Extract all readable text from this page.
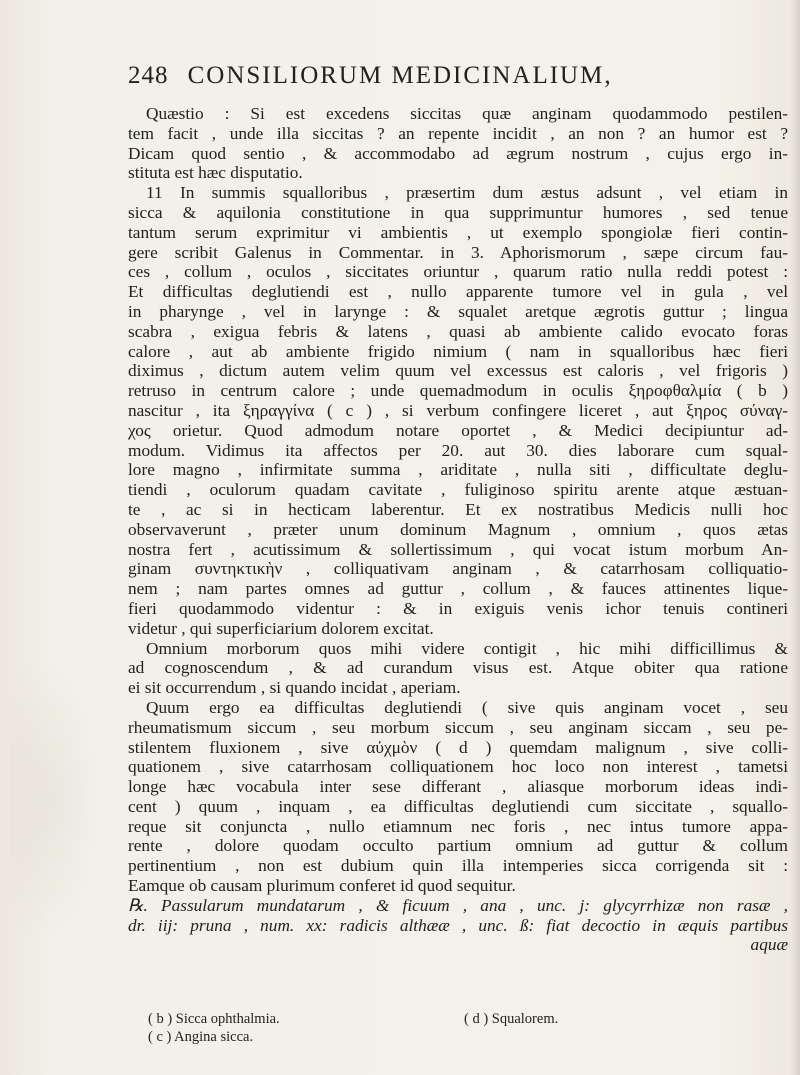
248 CONSILIORUM MEDICINALIUM,
Quæstio : Si est excedens siccitas quæ anginam quodammodo pestilen-
tem facit , unde illa siccitas ? an repente incidit , an non ? an humor est ?
Dicam quod sentio , & accommodabo ad ægrum nostrum , cujus ergo in-
stituta est hæc disputatio.
11 In summis squalloribus , præsertim dum æstus adsunt , vel etiam in
sicca & aquilonia constitutione in qua supprimuntur humores , sed tenue
tantum serum exprimitur vi ambientis , ut exemplo spongiolæ fieri contin-
gere scribit Galenus in Commentar. in 3. Aphorismorum , sæpe circum fau-
ces , collum , oculos , siccitates oriuntur , quarum ratio nulla reddi potest :
Et difficultas deglutiendi est , nullo apparente tumore vel in gula , vel
in pharynge , vel in larynge : & squalet aretque ægrotis guttur ; lingua
scabra , exigua febris & latens , quasi ab ambiente calido evocato foras
calore , aut ab ambiente frigido nimium ( nam in squalloribus hæc fieri
diximus , dictum autem velim quum vel excessus est caloris , vel frigoris )
retruso in centrum calore ; unde quemadmodum in oculis ξηροφθαλμία ( b )
nascitur , ita ξηραγγίνα ( c ) , si verbum confingere liceret , aut ξηρος σύναγ-
χος orietur. Quod admodum notare oportet , & Medici decipiuntur ad-
modum. Vidimus ita affectos per 20. aut 30. dies laborare cum squal-
lore magno , infirmitate summa , ariditate , nulla siti , difficultate deglu-
tiendi , oculorum quadam cavitate , fuliginoso spiritu arente atque æstuan-
te , ac si in hecticam laberentur. Et ex nostratibus Medicis nulli hoc
observaverunt , præter unum dominum Magnum , omnium , quos ætas
nostra fert , acutissimum & sollertissimum , qui vocat istum morbum An-
ginam συντηκτικὴν , colliquativam anginam , & catarrhosam colliquatio-
nem ; nam partes omnes ad guttur , collum , & fauces attinentes lique-
fieri quodammodo videntur : & in exiguis venis ichor tenuis contineri
videtur , qui superficiarium dolorem excitat.
Omnium morborum quos mihi videre contigit , hic mihi difficillimus &
ad cognoscendum , & ad curandum visus est. Atque obiter qua ratione
ei sit occurrendum , si quando incidat , aperiam.
Quum ergo ea difficultas deglutiendi ( sive quis anginam vocet , seu
rheumatismum siccum , seu morbum siccum , seu anginam siccam , seu pe-
stilentem fluxionem , sive αὐχμὸν ( d ) quemdam malignum , sive colli-
quationem , sive catarrhosam colliquationem hoc loco non interest , tametsi
longe hæc vocabula inter sese differant , aliasque morborum ideas indi-
cent ) quum , inquam , ea difficultas deglutiendi cum siccitate , squallo-
reque sit conjuncta , nullo etiamnum nec foris , nec intus tumore appa-
rente , dolore quodam occulto partium omnium ad guttur & collum
pertinentium , non est dubium quin illa intemperies sicca corrigenda sit :
Eamque ob causam plurimum conferet id quod sequitur.
℞. Passularum mundatarum , & ficuum , ana , unc. j: glycyrrhizæ non rasæ ,
dr. iij: pruna , num. xx: radicis althææ , unc. ß: fiat decoctio in æquis partibus
aquæ
( b ) Sicca ophthalmia.
( c ) Angina sicca.
( d ) Squalorem.
